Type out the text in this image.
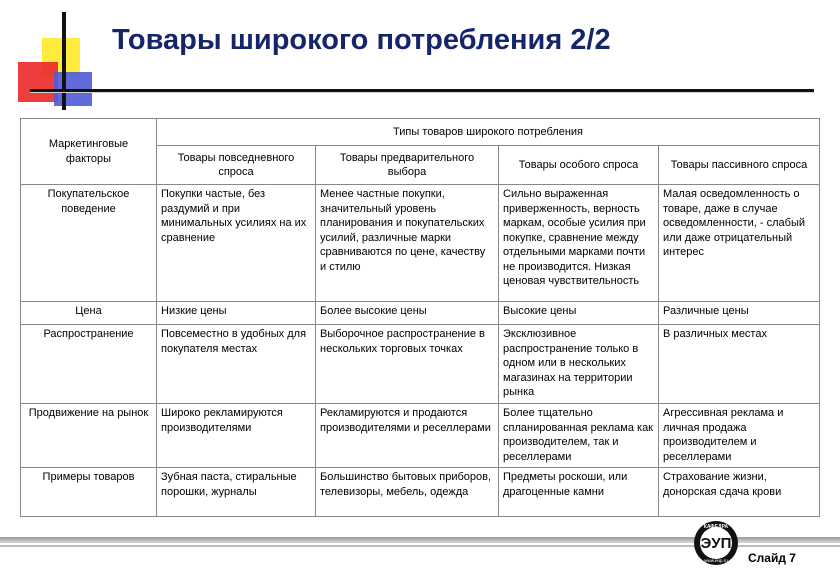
Товары широкого потребления 2/2
Маркетинговые факторы	Типы товаров широкого потребления			
	Товары повседневного спроса	Товары предварительного выбора	Товары особого спроса	Товары пассивного спроса
Покупательское поведение	Покупки частые, без раздумий и при минимальных усилиях на их сравнение	Менее частные покупки, значительный уровень планирования и покупательских усилий, различные марки сравниваются по цене, качеству и стилю	Сильно выраженная приверженность, верность маркам, особые усилия при покупке, сравнение между отдельными марками почти не производится. Низкая ценовая чувствительность	Малая осведомленность о товаре, даже в случае осведомленности, - слабый или даже отрицательный интерес
Цена	Низкие цены	Более высокие цены	Высокие цены	Различные цены
Распространение	Повсеместно в удобных для покупателя местах	Выборочное распространение в нескольких торговых точках	Эксклюзивное распространение только в одном или в нескольких магазинах на территории рынка	В различных местах
Продвижение на рынок	Широко рекламируются производителями	Рекламируются и продаются производителями и реселлерами	Более тщательно спланированная реклама как производителем, так и реселлерами	Агрессивная реклама и личная продажа производителем и реселлерами
Примеры товаров	Зубная паста, стиральные порошки, журналы	Большинство бытовых приборов, телевизоры, мебель, одежда	Предметы роскоши, или драгоценные камни	Страхование жизни, донорская сдача крови
КАФЕДРА
ЭУП
www.eup.ru Слайд 7
